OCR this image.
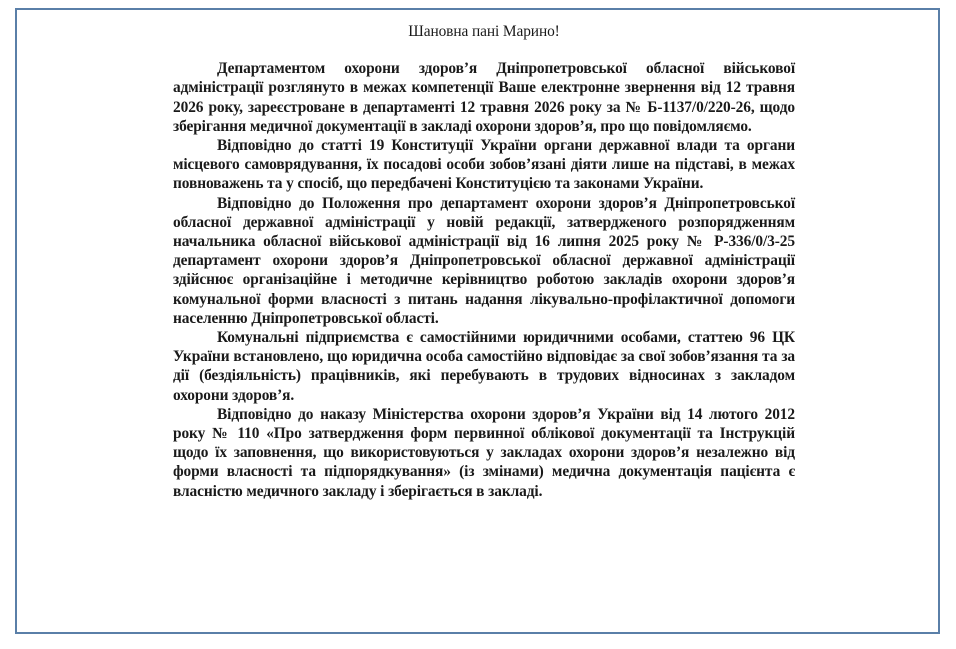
Шановна пані Марино!

Департаментом охорони здоров’я Дніпропетровської обласної військової адміністрації розглянуто в межах компетенції Ваше електронне звернення від 12 травня 2026 року, зареєстроване в департаменті 12 травня 2026 року за № Б-1137/0/220-26, щодо зберігання медичної документації в закладі охорони здоров’я, про що повідомляємо.

Відповідно до статті 19 Конституції України органи державної влади та органи місцевого самоврядування, їх посадові особи зобов’язані діяти лише на підставі, в межах повноважень та у спосіб, що передбачені Конституцією та законами України.

Відповідно до Положення про департамент охорони здоров’я Дніпропетровської обласної державної адміністрації у новій редакції, затвердженого розпорядженням начальника обласної військової адміністрації від 16 липня 2025 року № Р-336/0/3-25 департамент охорони здоров’я Дніпропетровської обласної державної адміністрації здійснює організаційне і методичне керівництво роботою закладів охорони здоров’я комунальної форми власності з питань надання лікувально-профілактичної допомоги населенню Дніпропетровської області.

Комунальні підприємства є самостійними юридичними особами, статтею 96 ЦК України встановлено, що юридична особа самостійно відповідає за свої зобов’язання та за дії (бездіяльність) працівників, які перебувають в трудових відносинах з закладом охорони здоров’я.

Відповідно до наказу Міністерства охорони здоров’я України від 14 лютого 2012 року № 110 «Про затвердження форм первинної облікової документації та Інструкцій щодо їх заповнення, що використовуються у закладах охорони здоров’я незалежно від форми власності та підпорядкування» (із змінами) медична документація пацієнта є власністю медичного закладу і зберігається в закладі.
